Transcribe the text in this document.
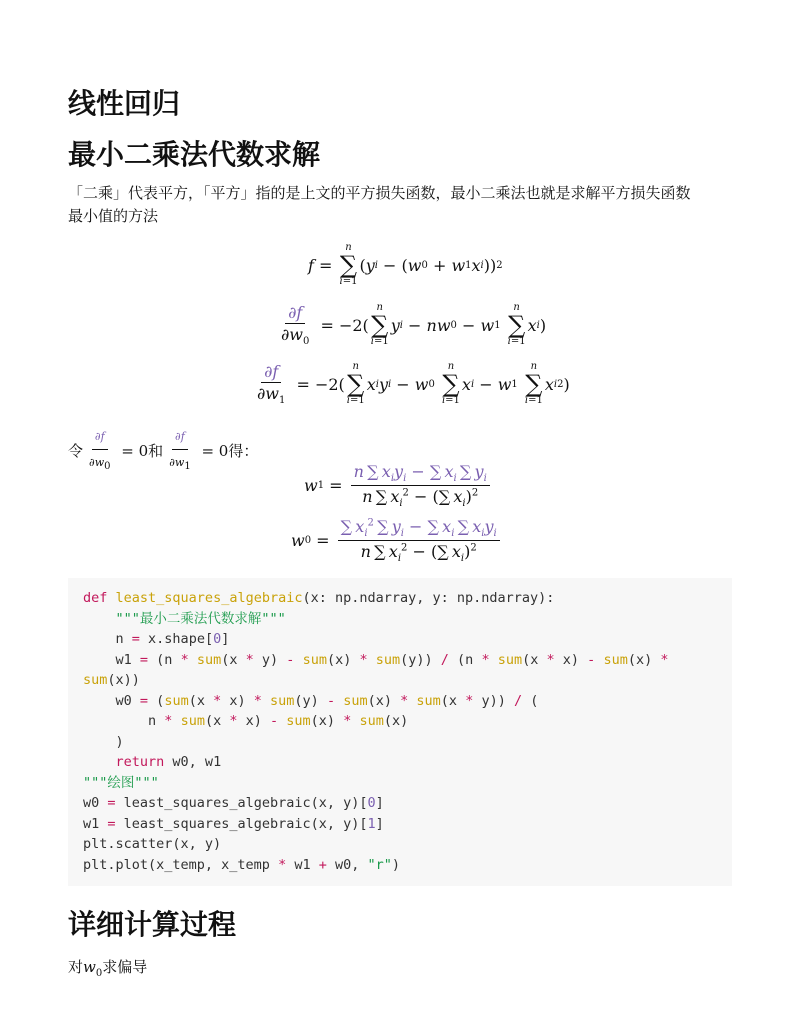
线性回归
最小二乘法代数求解

「二乘」代表平方，「平方」指的是上文的平方损失函数，最小二乘法也就是求解平方损失函数
最小值的方法

f =
n
∑
i=1
( y i − ( w 0 + w 1 x i )) 2
$\frac{\partial f}{\partial w_0} = -2$(
n
∑
i=1
y i − nw 0 − w 1

n
∑
i=1
x i )
$\frac{\partial f}{\partial w_1} = -2$(
n
∑
i=1
x i y i − w 0

n
∑
i=1
x i − w 1

n
∑
i=1
x i 2 )

令 $\frac{\partial f}{\partial w_0} = 0$ 和 $\frac{\partial f}{\partial w_1} = 0$ 得：

w $1 = \frac{n \sum x_iy_i - \sum x_i \sum y_i}{n \sum x_i^2 - (\sum x_i)^2}$
w $0 = \frac{\sum x_i^2 \sum y_i - \sum x_i \sum x_iy_i}{n \sum x_i^2 - (\sum x_i)^2}$
def least_squares_algebraic(x: np.ndarray, y: np.ndarray):
"""最小二乘法代数求解"""
n = x.shape[0]
w1 = (n * sum(x * y) - sum(x) * sum(y)) / (n * sum(x * x) - sum(x) *
sum(x))
w0 = (sum(x * x) * sum(y) - sum(x) * sum(x * y)) / (
n * sum(x * x) - sum(x) * sum(x)
)
return w0, w1
"""绘图"""
w0 = least_squares_algebraic(x, y)[0]
w1 = least_squares_algebraic(x, y)[1]
plt.scatter(x, y)
plt.plot(x_temp, x_temp * w1 + w0, "r")
详细计算过程

对$w_0$求偏导
